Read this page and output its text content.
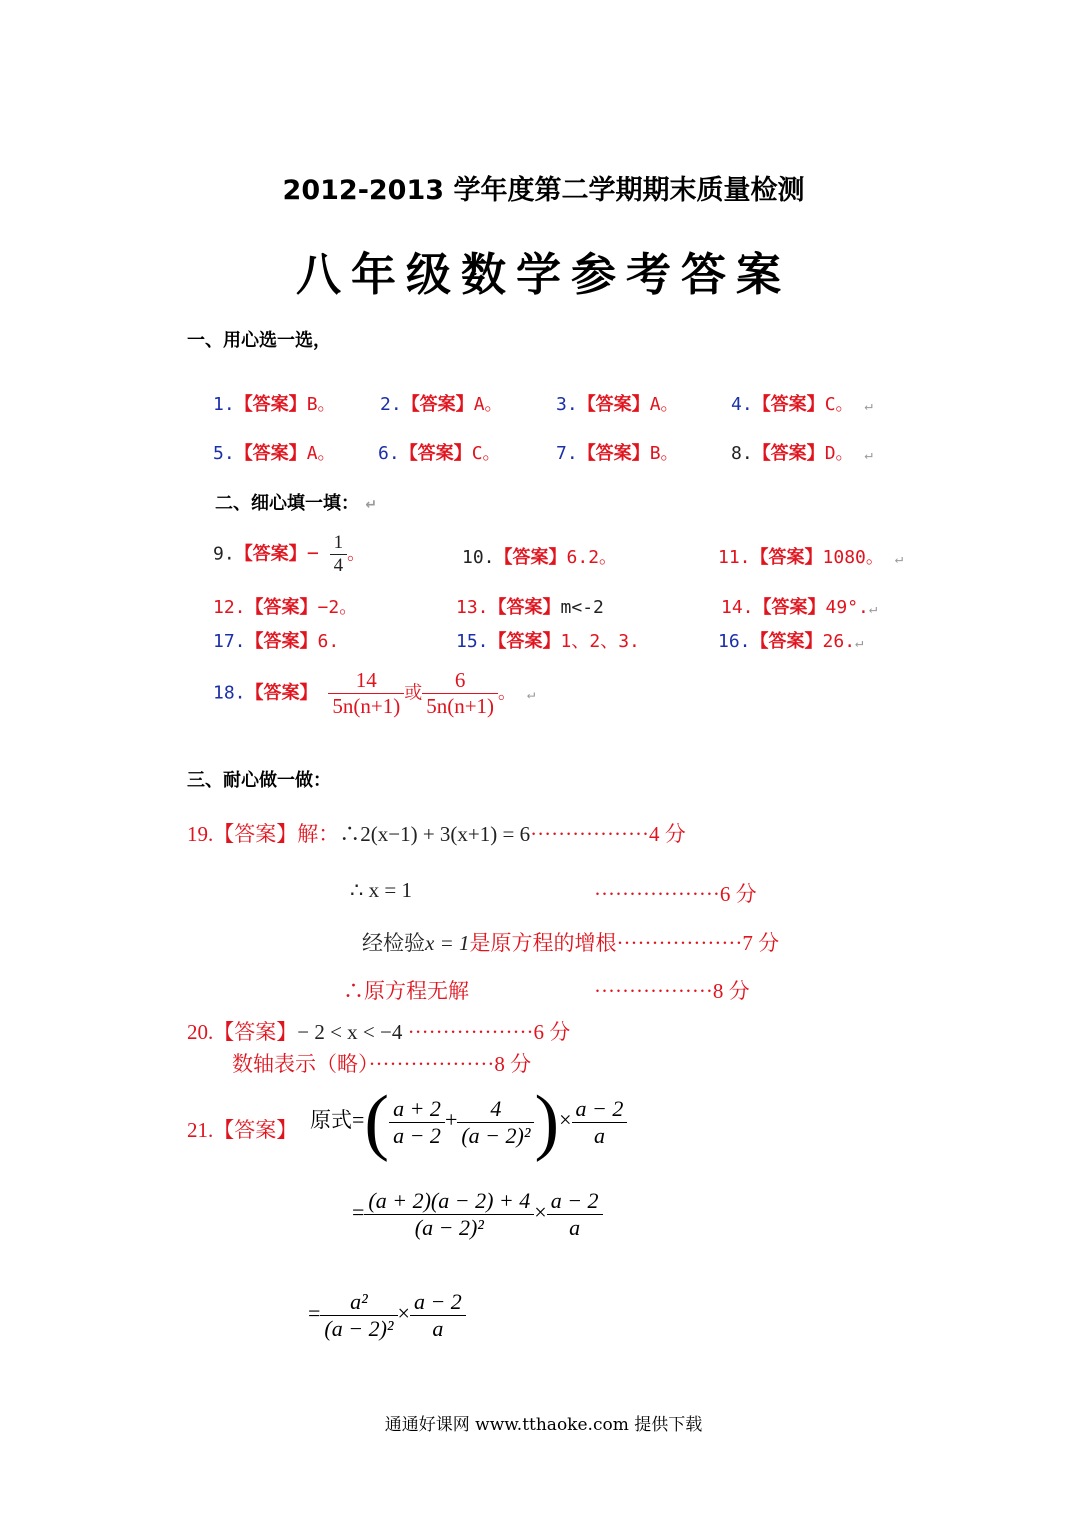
2012-2013 学年度第二学期期末质量检测
八年级数学参考答案
一、用心选一选，
1.【答案】B。 2.【答案】A。	3.【答案】A。	4.【答案】C。 ↵
5.【答案】A。 6.【答案】C。	7.【答案】B。	8.【答案】D。 ↵
二、细心填一填： ↵
9.【答案】− $\frac{1}{4}$ 。	10.【答案】6.2。	11.【答案】1080。 ↵
12.【答案】−2。	13.【答案】m<-2	14.【答案】49°.↵
17.【答案】6.	15.【答案】1、2、3.	16.【答案】26.↵
18.【答案】 $\frac{14}{5n(n+1)}$ 或 $\frac{6}{5n(n+1)}$ 。 ↵
三、耐心做一做：
19.【答案】解：∴2(x−1) + 3(x+1) = 6·················4 分
∴ x = 1	··················6 分
经检验x = 1是原方程的增根··················7 分
∴原方程无解	·················8 分
20.【答案】− 2 < x < −4 ··················6 分
数轴表示（略）··················8 分
21.【答案】 原式=( $\frac{a + 2}{a - 2} + \frac{4}{\text{(a − 2)²}}$ )× $\frac{a - 2}{a}$
= $\frac{(a + 2)(a - 2) + 4}{\text{(a − 2)²}} \times \frac{a - 2}{a}$
= $\frac{\text{a²}}{\text{(a − 2)²}} \times \frac{a - 2}{a}$
通通好课网 www.tthaoke.com 提供下载
